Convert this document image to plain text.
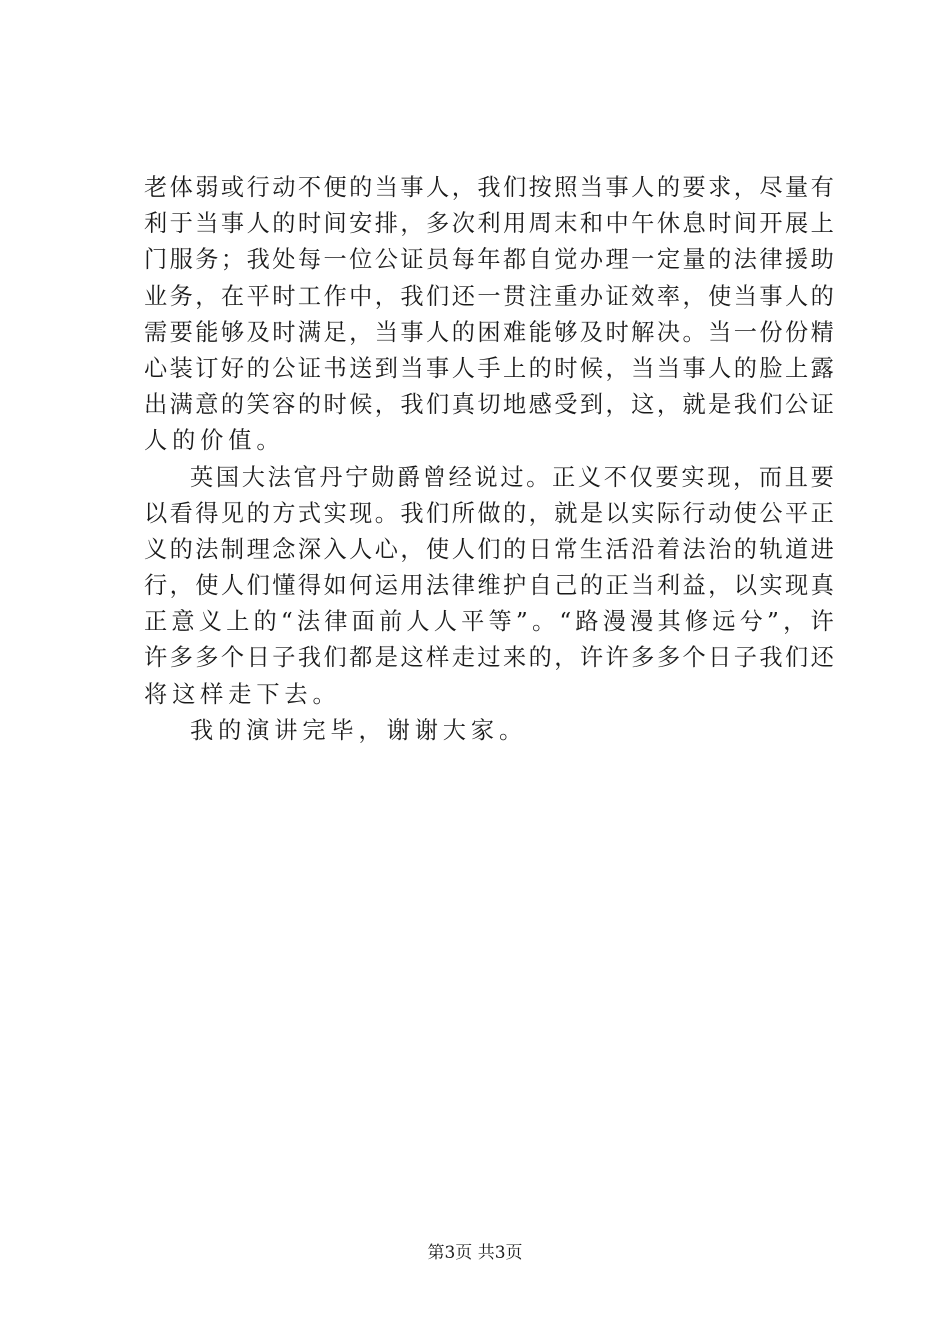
老 体 弱 或 行 动 不 便 的 当 事 人 ， 我 们 按 照 当 事 人 的 要 求 ， 尽 量 有
利 于 当 事 人 的 时 间 安 排 ， 多 次 利 用 周 末 和 中 午 休 息 时 间 开 展 上
门 服 务 ； 我 处 每 一 位 公 证 员 每 年 都 自 觉 办 理 一 定 量 的 法 律 援 助
业 务 ， 在 平 时 工 作 中 ， 我 们 还 一 贯 注 重 办 证 效 率 ， 使 当 事 人 的
需 要 能 够 及 时 满 足 ， 当 事 人 的 困 难 能 够 及 时 解 决 。 当 一 份 份 精
心 装 订 好 的 公 证 书 送 到 当 事 人 手 上 的 时 候 ， 当 当 事 人 的 脸 上 露
出 满 意 的 笑 容 的 时 候 ， 我 们 真 切 地 感 受 到 ， 这 ， 就 是 我 们 公 证
人的价值。
英 国 大 法 官 丹 宁 勋 爵 曾 经 说 过 。 正 义 不 仅 要 实 现 ， 而 且 要
以 看 得 见 的 方 式 实 现 。 我 们 所 做 的 ， 就 是 以 实 际 行 动 使 公 平 正
义 的 法 制 理 念 深 入 人 心 ， 使 人 们 的 日 常 生 活 沿 着 法 治 的 轨 道 进
行 ， 使 人 们 懂 得 如 何 运 用 法 律 维 护 自 己 的 正 当 利 益 ， 以 实 现 真
正 意 义 上 的 “ 法 律 面 前 人 人 平 等 ” 。 “ 路 漫 漫 其 修 远 兮 ” ， 许
许 多 多 个 日 子 我 们 都 是 这 样 走 过 来 的 ， 许 许 多 多 个 日 子 我 们 还
将这样走下去。
我的演讲完毕，谢谢大家。
第3页 共3页
